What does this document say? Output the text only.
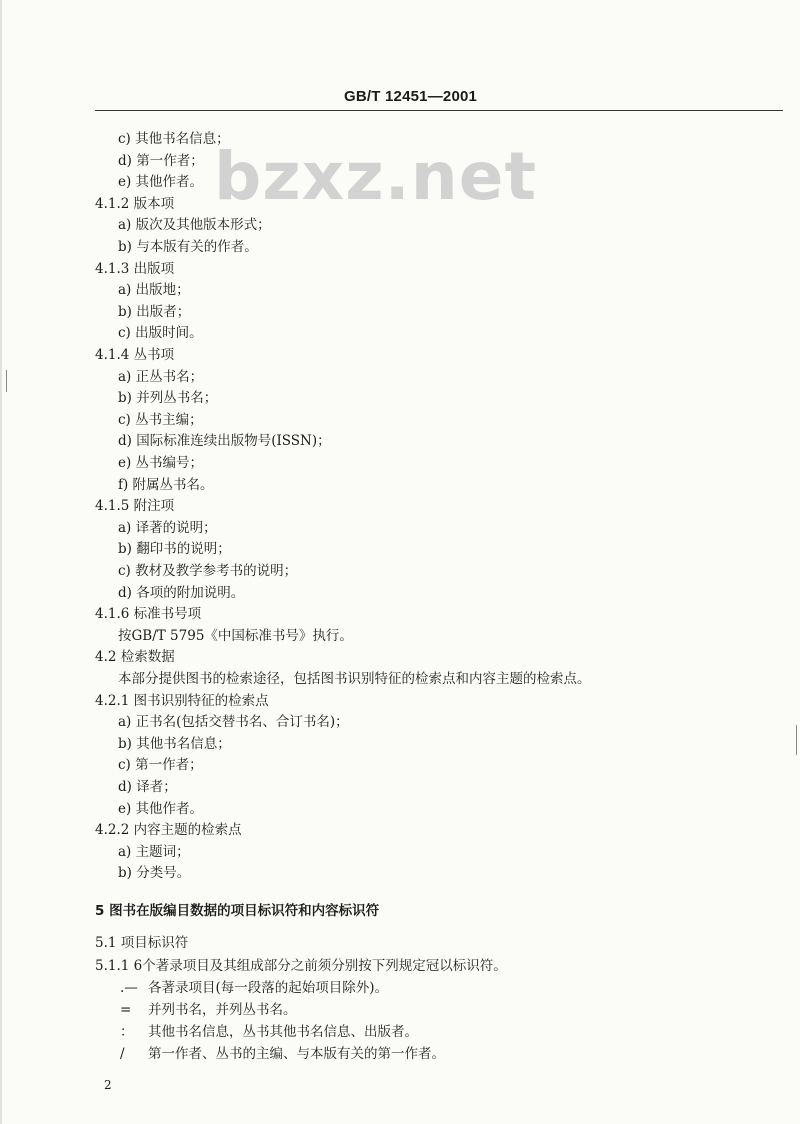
GB/T 12451—2001
bzxz.net
c) 其他书名信息；
d) 第一作者；
e) 其他作者。
4.1.2 版本项
a) 版次及其他版本形式；
b) 与本版有关的作者。
4.1.3 出版项
a) 出版地；
b) 出版者；
c) 出版时间。
4.1.4 丛书项
a) 正丛书名；
b) 并列丛书名；
c) 丛书主编；
d) 国际标准连续出版物号(ISSN)；
e) 丛书编号；
f) 附属丛书名。
4.1.5 附注项
a) 译著的说明；
b) 翻印书的说明；
c) 教材及教学参考书的说明；
d) 各项的附加说明。
4.1.6 标准书号项
按GB/T 5795《中国标准书号》执行。
4.2 检索数据
本部分提供图书的检索途径，包括图书识别特征的检索点和内容主题的检索点。
4.2.1 图书识别特征的检索点
a) 正书名(包括交替书名、合订书名)；
b) 其他书名信息；
c) 第一作者；
d) 译者；
e) 其他作者。
4.2.2 内容主题的检索点
a) 主题词；
b) 分类号。
5 图书在版编目数据的项目标识符和内容标识符
5.1 项目标识符
5.1.1 6个著录项目及其组成部分之前须分别按下列规定冠以标识符。
.— 各著录项目(每一段落的起始项目除外)。
= 并列书名，并列丛书名。
： 其他书名信息，丛书其他书名信息、出版者。
/ 第一作者、丛书的主编、与本版有关的第一作者。
2
